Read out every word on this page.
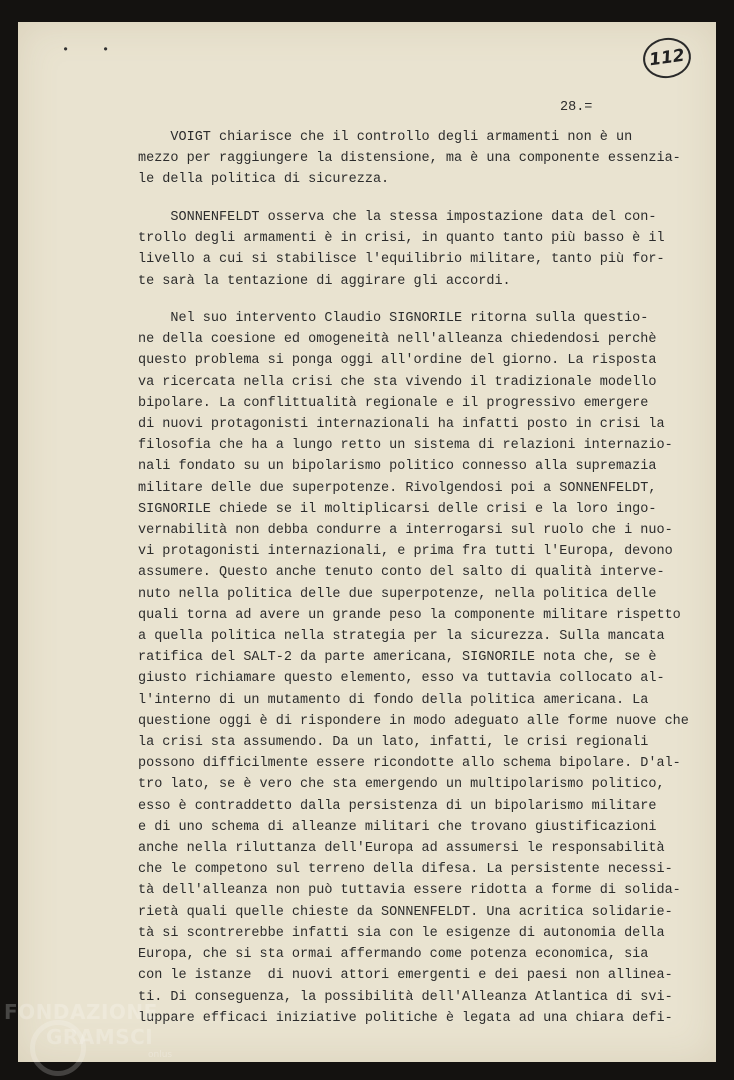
•	•	112
28.=
VOIGT chiarisce che il controllo degli armamenti non è un
mezzo per raggiungere la distensione, ma è una componente essenzia-
le della politica di sicurezza.
SONNENFELDT osserva che la stessa impostazione data del con-
trollo degli armamenti è in crisi, in quanto tanto più basso è il
livello a cui si stabilisce l'equilibrio militare, tanto più for-
te sarà la tentazione di aggirare gli accordi.
Nel suo intervento Claudio SIGNORILE ritorna sulla questio-
ne della coesione ed omogeneità nell'alleanza chiedendosi perchè
questo problema si ponga oggi all'ordine del giorno. La risposta
va ricercata nella crisi che sta vivendo il tradizionale modello
bipolare. La conflittualità regionale e il progressivo emergere
di nuovi protagonisti internazionali ha infatti posto in crisi la
filosofia che ha a lungo retto un sistema di relazioni internazio-
nali fondato su un bipolarismo politico connesso alla supremazia
militare delle due superpotenze. Rivolgendosi poi a SONNENFELDT,
SIGNORILE chiede se il moltiplicarsi delle crisi e la loro ingo-
vernabilità non debba condurre a interrogarsi sul ruolo che i nuo-
vi protagonisti internazionali, e prima fra tutti l'Europa, devono
assumere. Questo anche tenuto conto del salto di qualità interve-
nuto nella politica delle due superpotenze, nella politica delle
quali torna ad avere un grande peso la componente militare rispetto
a quella politica nella strategia per la sicurezza. Sulla mancata
ratifica del SALT-2 da parte americana, SIGNORILE nota che, se è
giusto richiamare questo elemento, esso va tuttavia collocato al-
l'interno di un mutamento di fondo della politica americana. La
questione oggi è di rispondere in modo adeguato alle forme nuove che
la crisi sta assumendo. Da un lato, infatti, le crisi regionali
possono difficilmente essere ricondotte allo schema bipolare. D'al-
tro lato, se è vero che sta emergendo un multipolarismo politico,
esso è contraddetto dalla persistenza di un bipolarismo militare
e di uno schema di alleanze militari che trovano giustificazioni
anche nella riluttanza dell'Europa ad assumersi le responsabilità
che le competono sul terreno della difesa. La persistente necessi-
tà dell'alleanza non può tuttavia essere ridotta a forme di solida-
rietà quali quelle chieste da SONNENFELDT. Una acritica solidarie-
tà si scontrerebbe infatti sia con le esigenze di autonomia della
Europa, che si sta ormai affermando come potenza economica, sia
con le istanze  di nuovi attori emergenti e dei paesi non allinea-
ti. Di conseguenza, la possibilità dell'Alleanza Atlantica di svi-
luppare efficaci iniziative politiche è legata ad una chiara defi-
FONDAZIONE
GRAMSCI
onlus
